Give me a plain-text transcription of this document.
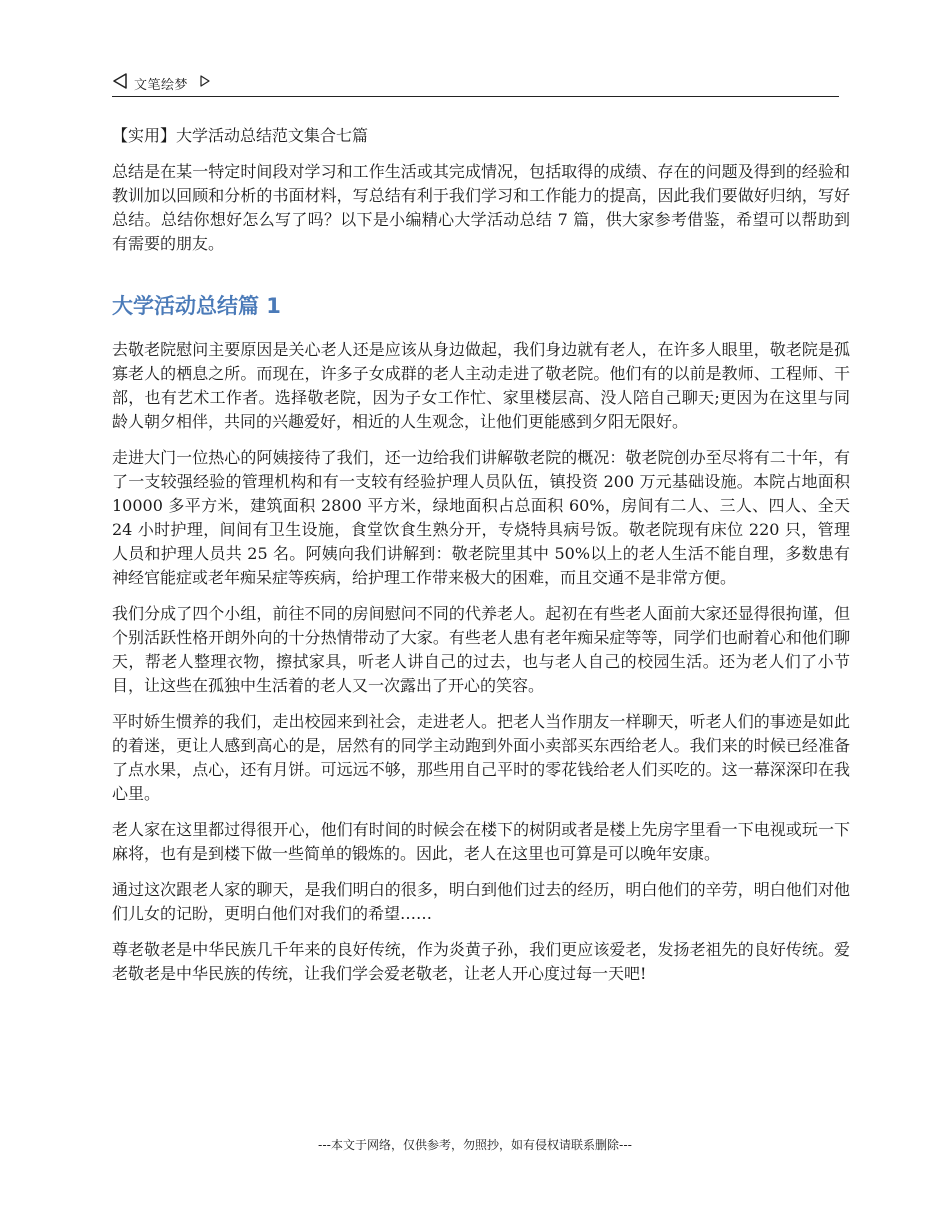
文笔绘梦
【实用】大学活动总结范文集合七篇

总结是在某一特定时间段对学习和工作生活或其完成情况，包括取得的成绩、存在的问题及得到的经验和教训加以回顾和分析的书面材料，写总结有利于我们学习和工作能力的提高，因此我们要做好归纳，写好总结。总结你想好怎么写了吗？以下是小编精心大学活动总结 7 篇，供大家参考借鉴，希望可以帮助到有需要的朋友。

大学活动总结篇 1

去敬老院慰问主要原因是关心老人还是应该从身边做起，我们身边就有老人，在许多人眼里，敬老院是孤寡老人的栖息之所。而现在，许多子女成群的老人主动走进了敬老院。他们有的以前是教师、工程师、干部，也有艺术工作者。选择敬老院，因为子女工作忙、家里楼层高、没人陪自己聊天;更因为在这里与同龄人朝夕相伴，共同的兴趣爱好，相近的人生观念，让他们更能感到夕阳无限好。

走进大门一位热心的阿姨接待了我们，还一边给我们讲解敬老院的概况：敬老院创办至尽将有二十年，有了一支较强经验的管理机构和有一支较有经验护理人员队伍，镇投资 200 万元基础设施。本院占地面积 10000 多平方米，建筑面积 2800 平方米，绿地面积占总面积 60%，房间有二人、三人、四人、全天 24 小时护理，间间有卫生设施，食堂饮食生熟分开，专烧特具病号饭。敬老院现有床位 220 只，管理人员和护理人员共 25 名。阿姨向我们讲解到：敬老院里其中 50%以上的老人生活不能自理，多数患有神经官能症或老年痴呆症等疾病，给护理工作带来极大的困难，而且交通不是非常方便。

我们分成了四个小组，前往不同的房间慰问不同的代养老人。起初在有些老人面前大家还显得很拘谨，但个别活跃性格开朗外向的十分热情带动了大家。有些老人患有老年痴呆症等等，同学们也耐着心和他们聊天，帮老人整理衣物，擦拭家具，听老人讲自己的过去，也与老人自己的校园生活。还为老人们了小节目，让这些在孤独中生活着的老人又一次露出了开心的笑容。

平时娇生惯养的我们，走出校园来到社会，走进老人。把老人当作朋友一样聊天，听老人们的事迹是如此的着迷，更让人感到高心的是，居然有的同学主动跑到外面小卖部买东西给老人。我们来的时候已经准备了点水果，点心，还有月饼。可远远不够，那些用自己平时的零花钱给老人们买吃的。这一幕深深印在我心里。

老人家在这里都过得很开心，他们有时间的时候会在楼下的树阴或者是楼上先房字里看一下电视或玩一下麻将，也有是到楼下做一些简单的锻炼的。因此，老人在这里也可算是可以晚年安康。

通过这次跟老人家的聊天，是我们明白的很多，明白到他们过去的经历，明白他们的辛劳，明白他们对他们儿女的记盼，更明白他们对我们的希望……

尊老敬老是中华民族几千年来的良好传统，作为炎黄子孙，我们更应该爱老，发扬老祖先的良好传统。爱老敬老是中华民族的传统，让我们学会爱老敬老，让老人开心度过每一天吧!

---本文于网络，仅供参考，勿照抄，如有侵权请联系删除---
